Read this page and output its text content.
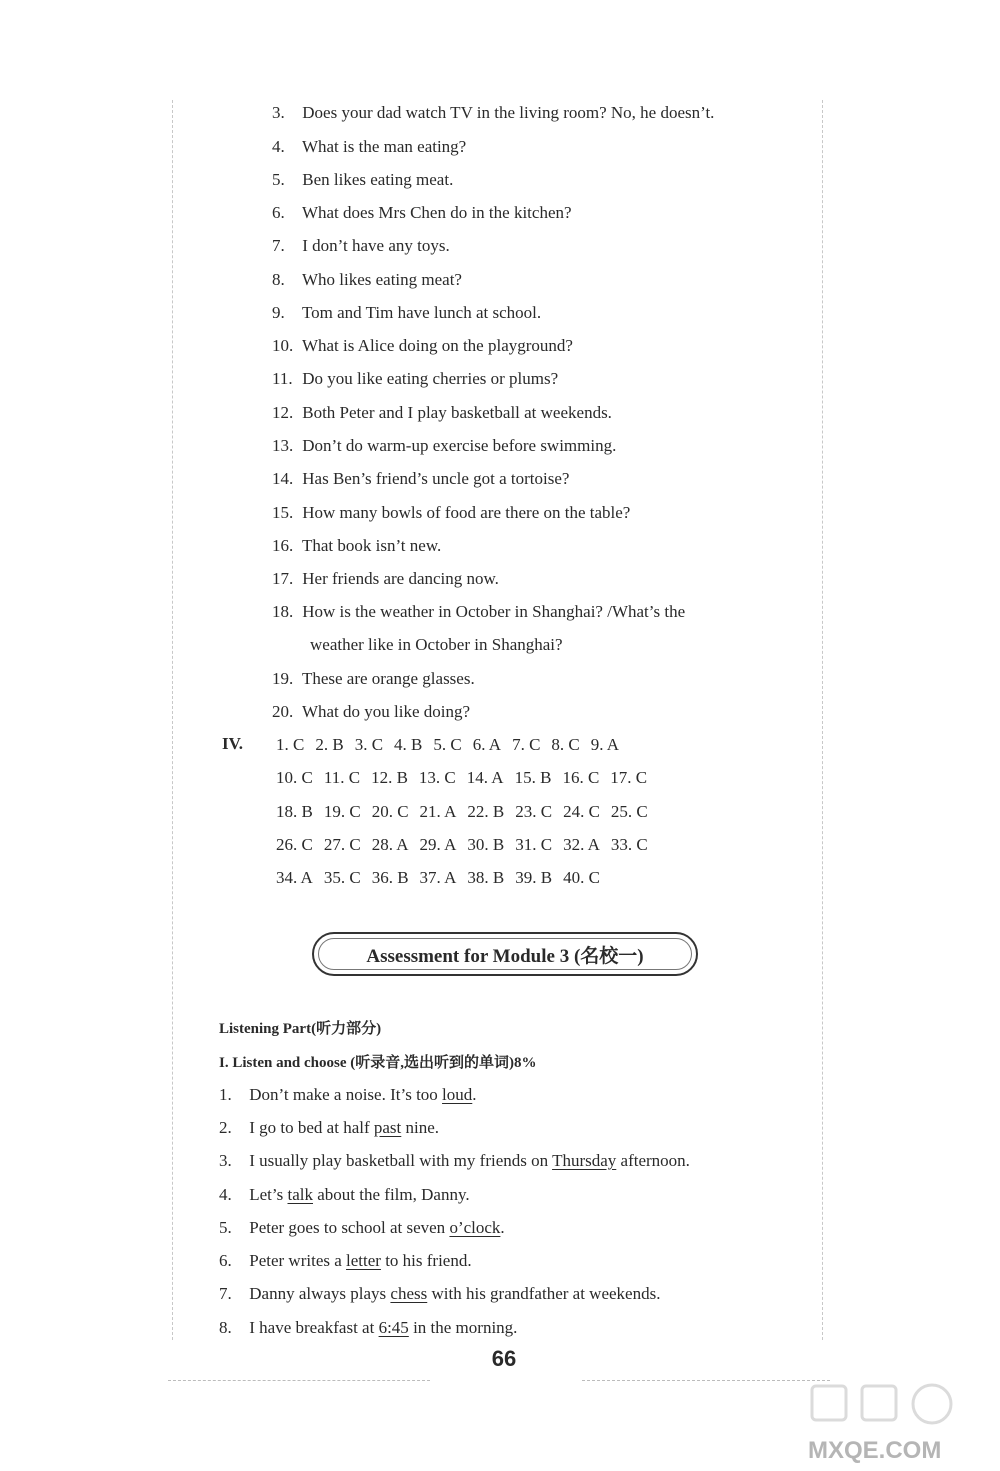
3. Does your dad watch TV in the living room? No, he doesn’t.
4. What is the man eating?
5. Ben likes eating meat.
6. What does Mrs Chen do in the kitchen?
7. I don’t have any toys.
8. Who likes eating meat?
9. Tom and Tim have lunch at school.
10. What is Alice doing on the playground?
11. Do you like eating cherries or plums?
12. Both Peter and I play basketball at weekends.
13. Don’t do warm-up exercise before swimming.
14. Has Ben’s friend’s uncle got a tortoise?
15. How many bowls of food are there on the table?
16. That book isn’t new.
17. Her friends are dancing now.
18. How is the weather in October in Shanghai? /What’s the
weather like in October in Shanghai?
19. These are orange glasses.
20. What do you like doing?
IV. 1. C 2. B 3. C 4. B 5. C 6. A 7. C 8. C 9. A
10. C 11. C 12. B 13. C 14. A 15. B 16. C 17. C
18. B 19. C 20. C 21. A 22. B 23. C 24. C 25. C
26. C 27. C 28. A 29. A 30. B 31. C 32. A 33. C
34. A 35. C 36. B 37. A 38. B 39. B 40. C
Assessment for Module 3 (名校一)
Listening Part(听力部分)
I. Listen and choose (听录音,选出听到的单词)8%
1. Don’t make a noise. It’s too loud.
2. I go to bed at half past nine.
3. I usually play basketball with my friends on Thursday afternoon.
4. Let’s talk about the film, Danny.
5. Peter goes to school at seven o’clock.
6. Peter writes a letter to his friend.
7. Danny always plays chess with his grandfather at weekends.
8. I have breakfast at 6:45 in the morning.
66
MXQE.COM
